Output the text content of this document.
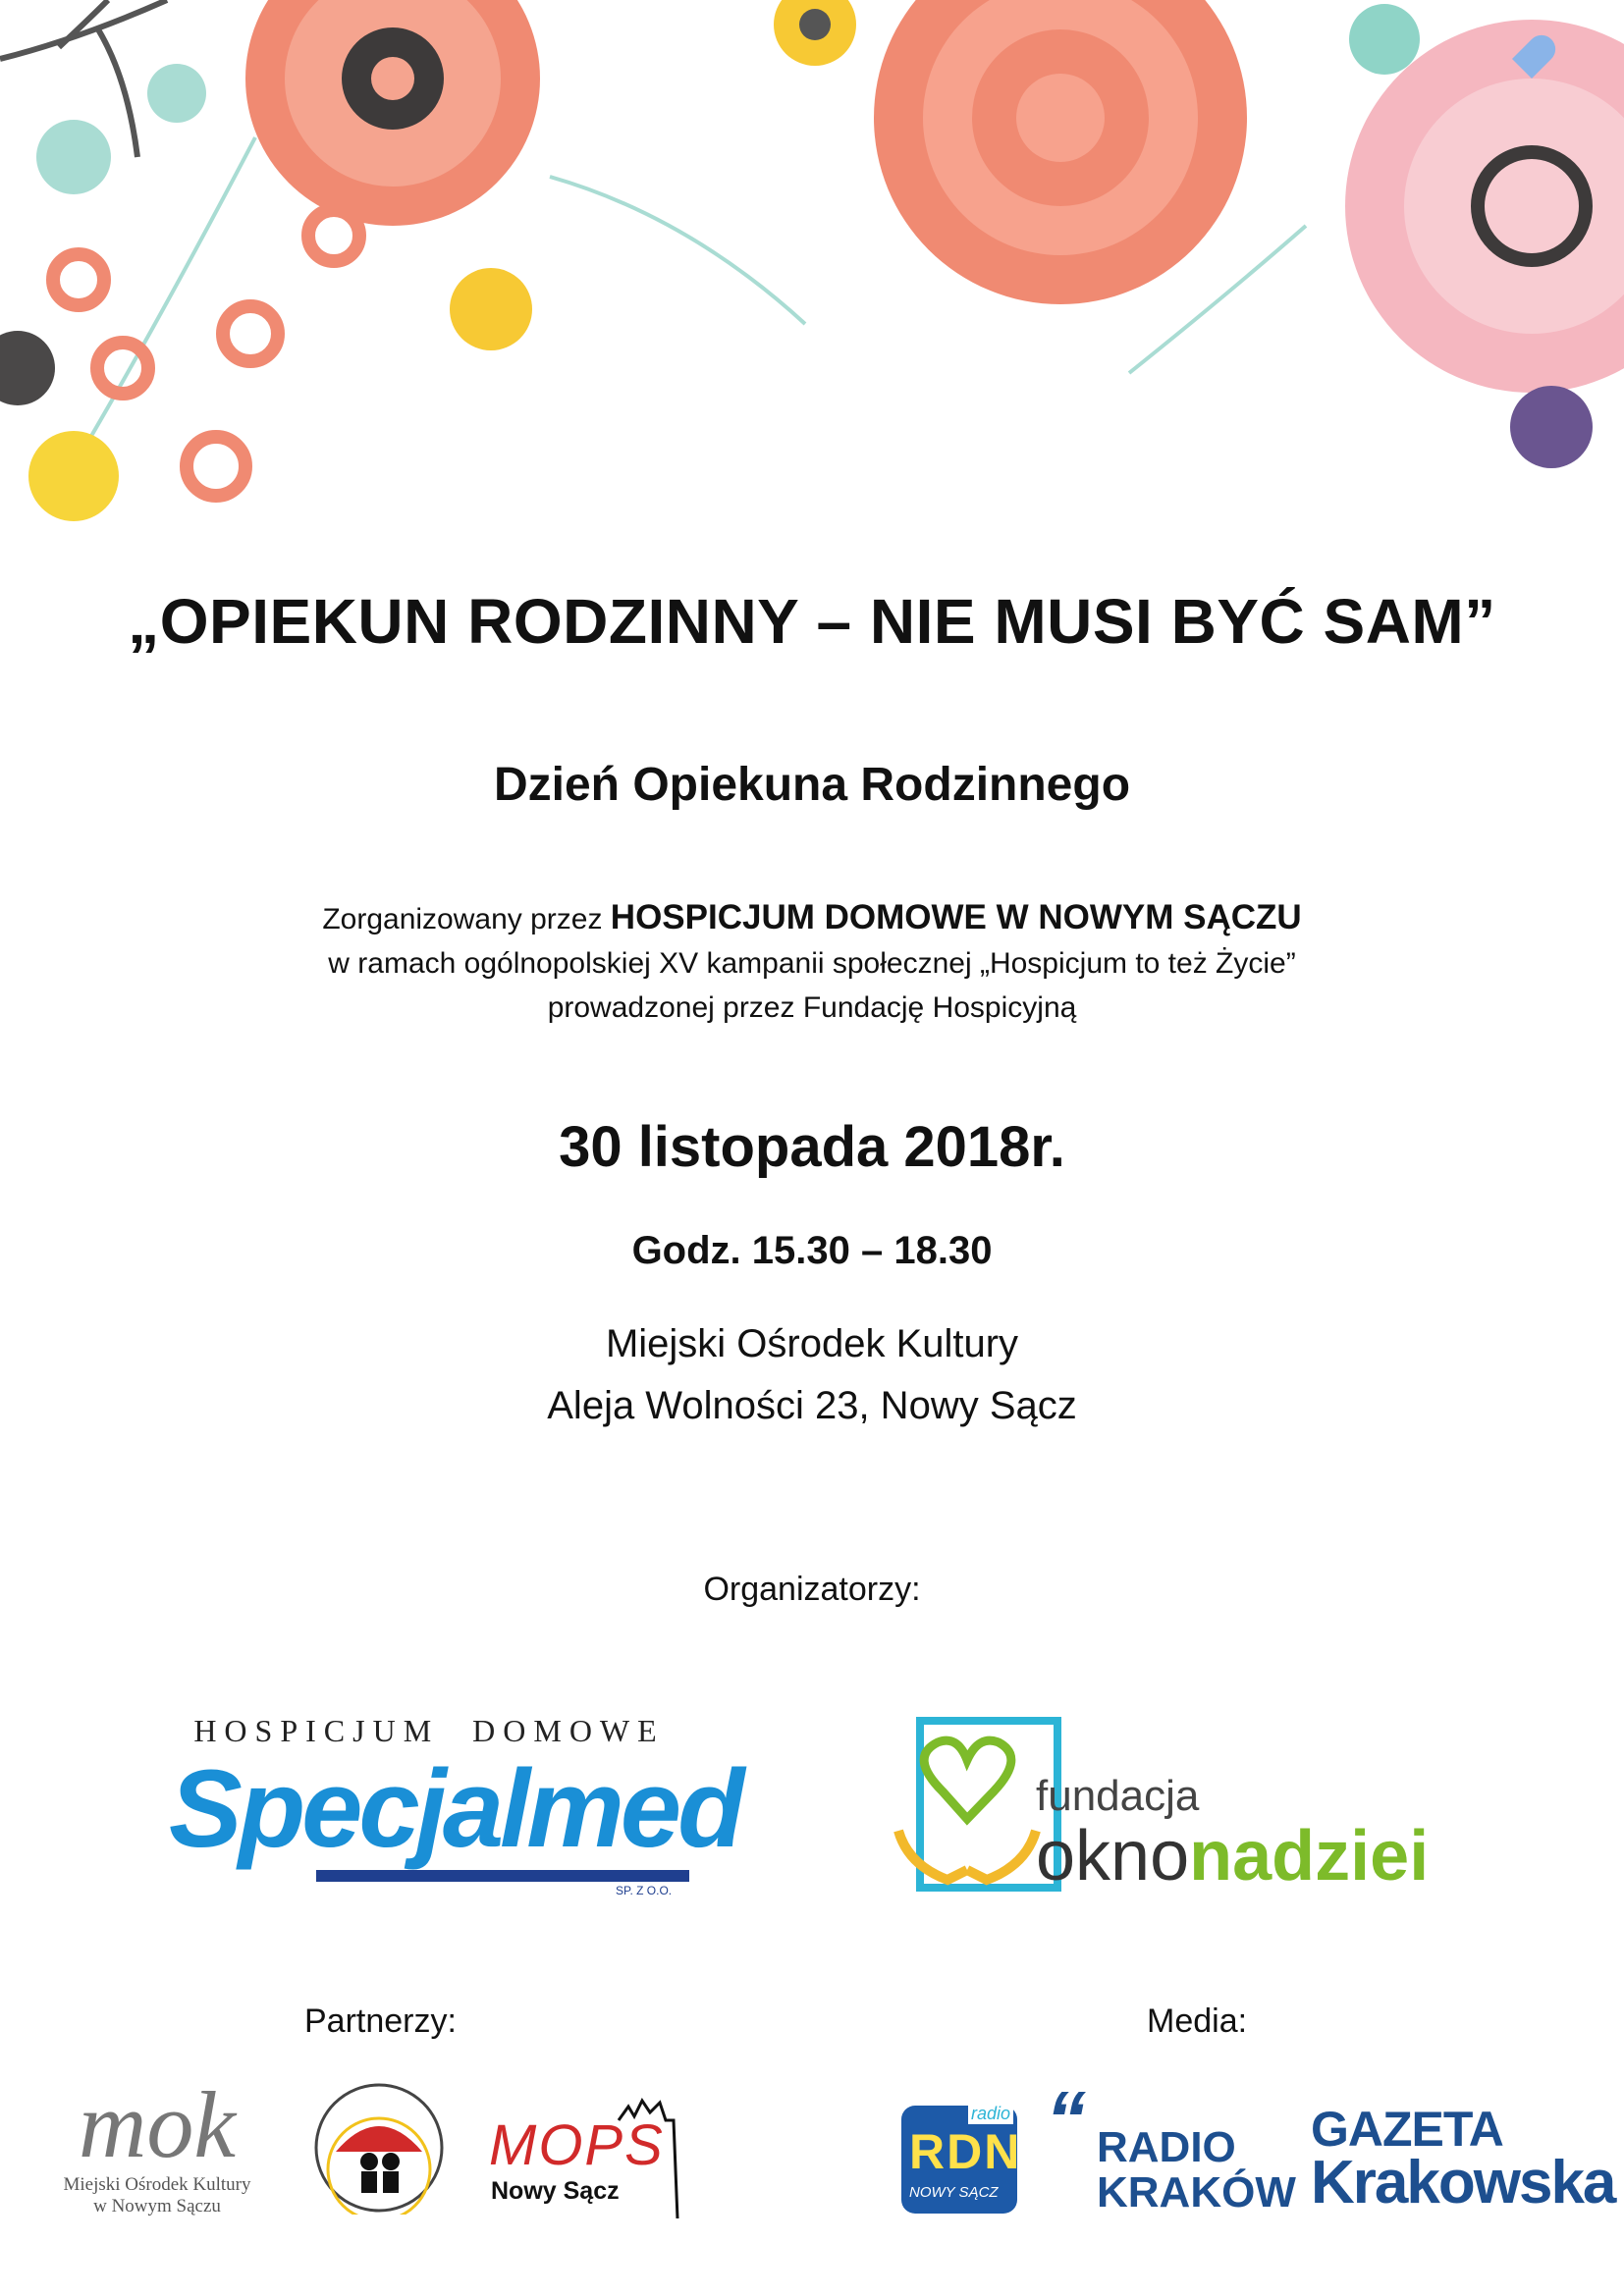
„OPIEKUN RODZINNY – NIE MUSI BYĆ SAM”
Dzień Opiekuna Rodzinnego
Zorganizowany przez HOSPICJUM DOMOWE W NOWYM SĄCZU
w ramach ogólnopolskiej XV kampanii społecznej „Hospicjum to też Życie”
prowadzonej przez Fundację Hospicyjną
30 listopada 2018r.
Godz. 15.30 – 18.30
Miejski Ośrodek Kultury
Aleja Wolności 23, Nowy Sącz
Organizatorzy:
HOSPICJUM DOMOWE
Specjalmed
SP. Z O.O.
fundacja
oknonadziei
Partnerzy:	Media:
mok
Miejski Ośrodek Kultury
w Nowym Sączu
MOPS
Nowy Sącz
radio
RDN
NOWY SĄCZ
“ RADIO
KRAKÓW
GAZETA
Krakowska
